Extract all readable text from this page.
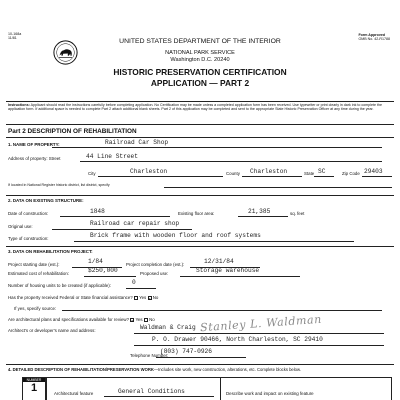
10-168a
11/81
Form Approved
OMB No. 42-R1788
UNITED STATES DEPARTMENT OF THE INTERIOR
NATIONAL PARK SERVICE
Washington D.C. 20240
HISTORIC PRESERVATION CERTIFICATION
APPLICATION — PART 2
Instructions: Applicant should read the instructions carefully before completing application. No Certification may be made unless a completed application form has been received. Use typewriter or print clearly in dark ink to complete the application form. If additional space is needed to complete Part 2 attach additional blank sheets. Part 2 of this application may be completed and sent to the appropriate State Historic Preservation Officer at any time during the year.
Part 2 DESCRIPTION OF REHABILITATION
1. NAME OF PROPERTY:	Railroad Car Shop
Address of property: Street	44 Line Street
City	Charleston	County Charleston	State SC	Zip Code 29403
If located in National Register historic district, list district, specify
2. DATA ON EXISTING STRUCTURE:
Date of construction:	1848	Existing floor area:	21,385	sq. feet
Original use:	Railroad car repair shop
Type of construction:	Brick frame with wooden floor and roof systems
3. DATA ON REHABILITATION PROJECT:
Project starting date (est.):	1/84	Project completion date (est.):	12/31/84
Estimated cost of rehabilitation:	$250,000	Proposed use:	Storage warehouse
Number of housing units to be created (if applicable):	0
Has the property received Federal or State financial assistance? Yes x No
If yes, specify source:
Are architectural plans and specifications available for review? x Yes No
Architect's or developer's name and address:	Waldman & Craig Stanley L. Waldman
P. O. Drawer 90466, North Charleston, SC 29410
Telephone Number:
(803) 747-0926
4. DETAILED DESCRIPTION OF REHABILITATION/PRESERVATION WORK—Includes site work, new construction, alterations, etc. Complete blocks below.
NUMBER
1	Architectural feature	General Conditions	Describe work and impact on existing feature
